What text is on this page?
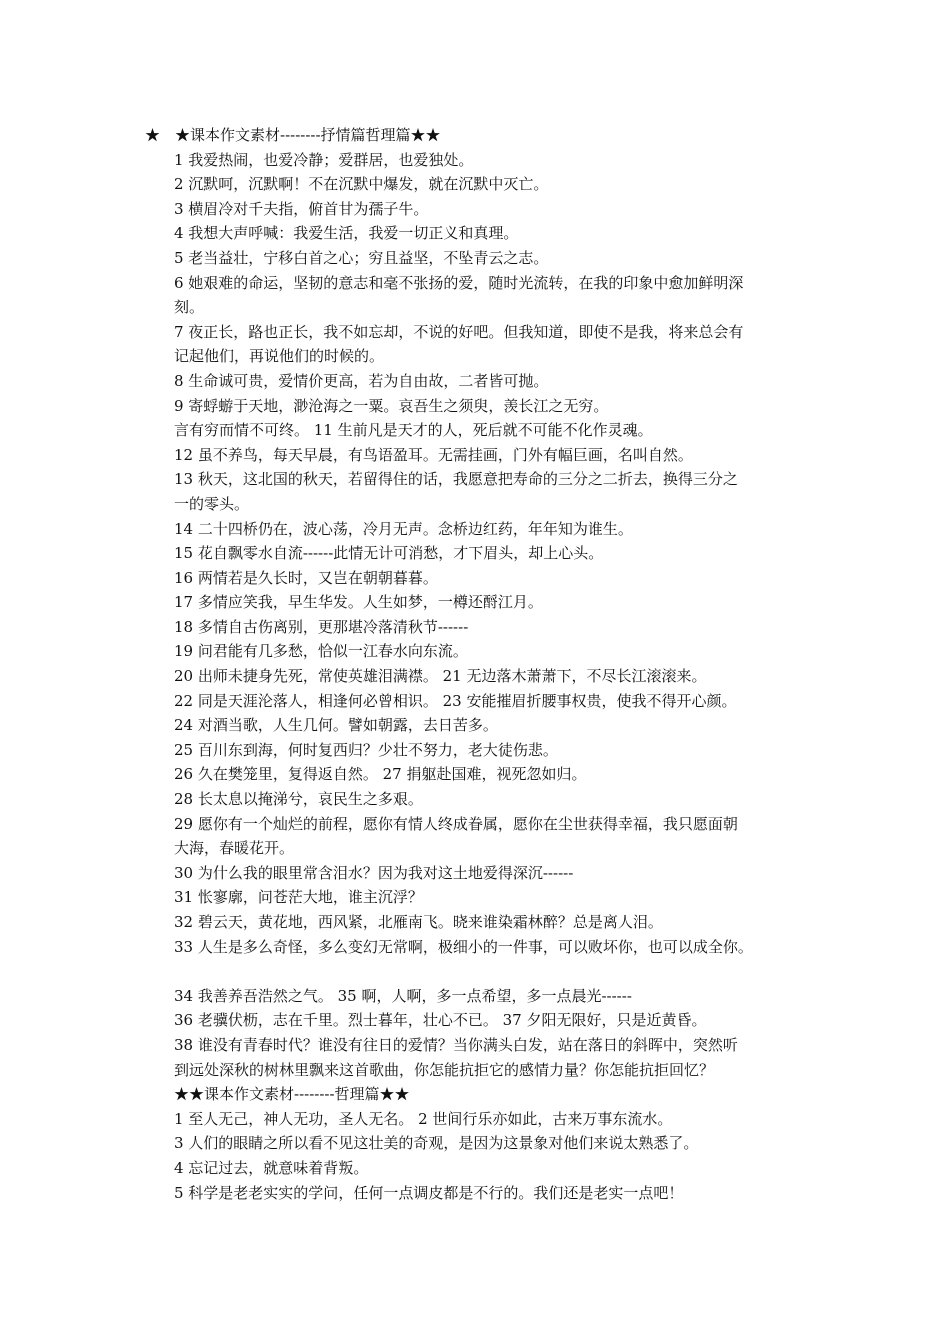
★　★课本作文素材--------抒情篇哲理篇★★
1 我爱热闹，也爱冷静；爱群居，也爱独处。
2 沉默呵，沉默啊！不在沉默中爆发，就在沉默中灭亡。
3 横眉冷对千夫指，俯首甘为孺子牛。
4 我想大声呼喊：我爱生活，我爱一切正义和真理。
5 老当益壮，宁移白首之心；穷且益坚，不坠青云之志。
6 她艰难的命运，坚韧的意志和毫不张扬的爱，随时光流转，在我的印象中愈加鲜明深
刻。
7 夜正长，路也正长，我不如忘却，不说的好吧。但我知道，即使不是我，将来总会有
记起他们，再说他们的时候的。
8 生命诚可贵，爱情价更高，若为自由故，二者皆可抛。
9 寄蜉蝣于天地，渺沧海之一粟。哀吾生之须臾，羡长江之无穷。
言有穷而情不可终。 11 生前凡是天才的人，死后就不可能不化作灵魂。
12 虽不养鸟，每天早晨，有鸟语盈耳。无需挂画，门外有幅巨画，名叫自然。
13 秋天，这北国的秋天，若留得住的话，我愿意把寿命的三分之二折去，换得三分之
一的零头。
14 二十四桥仍在，波心荡，冷月无声。念桥边红药，年年知为谁生。
15 花自飘零水自流------此情无计可消愁，才下眉头，却上心头。
16 两情若是久长时，又岂在朝朝暮暮。
17 多情应笑我，早生华发。人生如梦，一樽还酹江月。
18 多情自古伤离别，更那堪冷落清秋节------
19 问君能有几多愁，恰似一江春水向东流。
20 出师未捷身先死，常使英雄泪满襟。 21 无边落木萧萧下，不尽长江滚滚来。
22 同是天涯沦落人，相逢何必曾相识。 23 安能摧眉折腰事权贵，使我不得开心颜。
24 对酒当歌，人生几何。譬如朝露，去日苦多。
25 百川东到海，何时复西归？少壮不努力，老大徒伤悲。
26 久在樊笼里，复得返自然。 27 捐躯赴国难，视死忽如归。
28 长太息以掩涕兮，哀民生之多艰。
29 愿你有一个灿烂的前程，愿你有情人终成眷属，愿你在尘世获得幸福，我只愿面朝
大海，春暖花开。
30 为什么我的眼里常含泪水？因为我对这土地爱得深沉------
31 怅寥廓，问苍茫大地，谁主沉浮？
32 碧云天，黄花地，西风紧，北雁南飞。晓来谁染霜林醉？总是离人泪。
33 人生是多么奇怪，多么变幻无常啊，极细小的一件事，可以败坏你，也可以成全你。
34 我善养吾浩然之气。 35 啊，人啊，多一点希望，多一点晨光------
36 老骥伏枥，志在千里。烈士暮年，壮心不已。 37 夕阳无限好，只是近黄昏。
38 谁没有青春时代？谁没有往日的爱情？当你满头白发，站在落日的斜晖中，突然听
到远处深秋的树林里飘来这首歌曲，你怎能抗拒它的感情力量？你怎能抗拒回忆？
★★课本作文素材--------哲理篇★★
1 至人无己，神人无功，圣人无名。 2 世间行乐亦如此，古来万事东流水。
3 人们的眼睛之所以看不见这壮美的奇观，是因为这景象对他们来说太熟悉了。
4 忘记过去，就意味着背叛。
5 科学是老老实实的学问，任何一点调皮都是不行的。我们还是老实一点吧！
